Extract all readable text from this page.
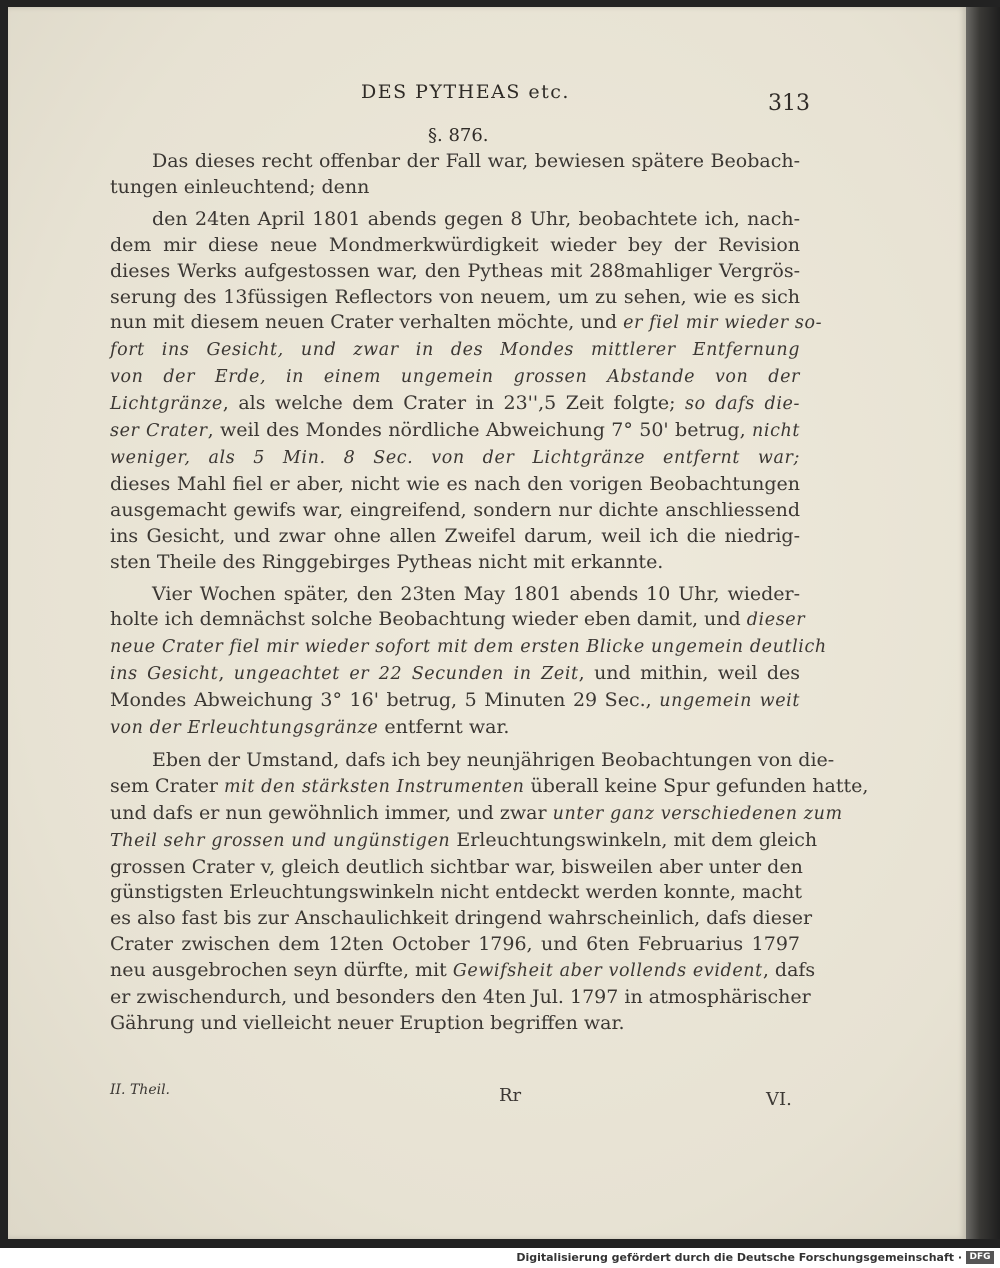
DES PYTHEAS etc.	313
§. 876.
Das dieses recht offenbar der Fall war, bewiesen spätere Beobach-
tungen einleuchtend; denn
den 24ten April 1801 abends gegen 8 Uhr, beobachtete ich, nach-
dem mir diese neue Mondmerkwürdigkeit wieder bey der Revision
dieses Werks aufgestossen war, den Pytheas mit 288mahliger Vergrös-
serung des 13füssigen Reflectors von neuem, um zu sehen, wie es sich
nun mit diesem neuen Crater verhalten möchte, und er fiel mir wieder so-
fort ins Gesicht, und zwar in des Mondes mittlerer Entfernung
von der Erde, in einem ungemein grossen Abstande von der
Lichtgränze, als welche dem Crater in 23'',5 Zeit folgte; so dafs die-
ser Crater, weil des Mondes nördliche Abweichung 7° 50' betrug, nicht
weniger, als 5 Min. 8 Sec. von der Lichtgränze entfernt war;
dieses Mahl fiel er aber, nicht wie es nach den vorigen Beobachtungen
ausgemacht gewifs war, eingreifend, sondern nur dichte anschliessend
ins Gesicht, und zwar ohne allen Zweifel darum, weil ich die niedrig-
sten Theile des Ringgebirges Pytheas nicht mit erkannte.
Vier Wochen später, den 23ten May 1801 abends 10 Uhr, wieder-
holte ich demnächst solche Beobachtung wieder eben damit, und dieser
neue Crater fiel mir wieder sofort mit dem ersten Blicke ungemein deutlich
ins Gesicht, ungeachtet er 22 Secunden in Zeit, und mithin, weil des
Mondes Abweichung 3° 16' betrug, 5 Minuten 29 Sec., ungemein weit
von der Erleuchtungsgränze entfernt war.
Eben der Umstand, dafs ich bey neunjährigen Beobachtungen von die-
sem Crater mit den stärksten Instrumenten überall keine Spur gefunden hatte,
und dafs er nun gewöhnlich immer, und zwar unter ganz verschiedenen zum
Theil sehr grossen und ungünstigen Erleuchtungswinkeln, mit dem gleich
grossen Crater v, gleich deutlich sichtbar war, bisweilen aber unter den
günstigsten Erleuchtungswinkeln nicht entdeckt werden konnte, macht
es also fast bis zur Anschaulichkeit dringend wahrscheinlich, dafs dieser
Crater zwischen dem 12ten October 1796, und 6ten Februarius 1797
neu ausgebrochen seyn dürfte, mit Gewifsheit aber vollends evident, dafs
er zwischendurch, und besonders den 4ten Jul. 1797 in atmosphärischer
Gährung und vielleicht neuer Eruption begriffen war.
II. Theil.	Rr	VI.
Digitalisierung gefördert durch die Deutsche Forschungsgemeinschaft · DFG
